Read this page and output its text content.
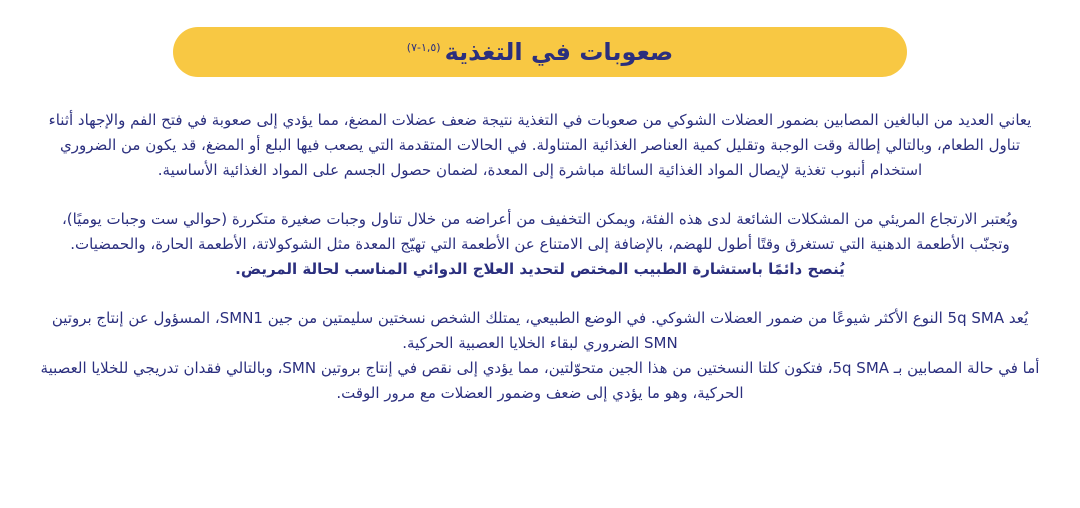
صعوبات في التغذية$^{(١,٥-٧)}$

يعاني العديد من البالغين المصابين بضمور العضلات الشوكي من صعوبات في التغذية نتيجة ضعف عضلات المضغ، مما يؤدي إلى صعوبة في فتح الفم والإجهاد أثناء تناول الطعام، وبالتالي إطالة وقت الوجبة وتقليل كمية العناصر الغذائية المتناولة. في الحالات المتقدمة التي يصعب فيها البلع أو المضغ، قد يكون من الضروري استخدام أنبوب تغذية لإيصال المواد الغذائية السائلة مباشرة إلى المعدة، لضمان حصول الجسم على المواد الغذائية الأساسية.

ويُعتبر الارتجاع المريئي من المشكلات الشائعة لدى هذه الفئة، ويمكن التخفيف من أعراضه من خلال تناول وجبات صغيرة متكررة (حوالي ست وجبات يوميًا)، وتجنّب الأطعمة الدهنية التي تستغرق وقتًا أطول للهضم، بالإضافة إلى الامتناع عن الأطعمة التي تهيّج المعدة مثل الشوكولاتة، الأطعمة الحارة، والحمضيات.

يُنصح دائمًا باستشارة الطبيب المختص لتحديد العلاج الدوائي المناسب لحالة المريض.

يُعد 5q SMA النوع الأكثر شيوعًا من ضمور العضلات الشوكي. في الوضع الطبيعي، يمتلك الشخص نسختين سليمتين من جين SMN1، المسؤول عن إنتاج بروتين SMN الضروري لبقاء الخلايا العصبية الحركية.

أما في حالة المصابين بـ 5q SMA، فتكون كلتا النسختين من هذا الجين متحوّلتين، مما يؤدي إلى نقص في إنتاج بروتين SMN، وبالتالي فقدان تدريجي للخلايا العصبية الحركية، وهو ما يؤدي إلى ضعف وضمور العضلات مع مرور الوقت.
